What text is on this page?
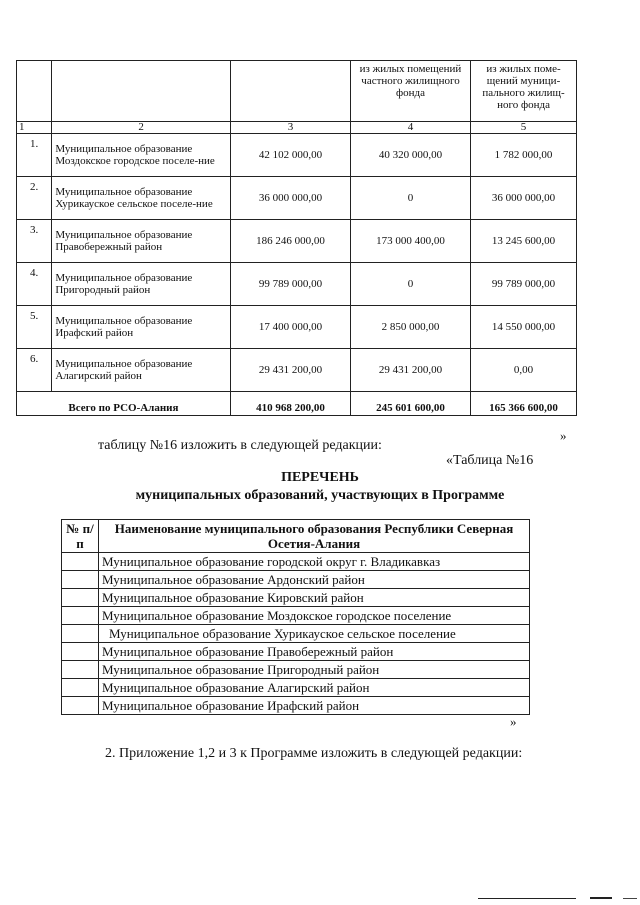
			из жилых помещений частного жилищного фонда	из жилых поме-щений муници-пального жилищ-ного фонда
1	2	3	4	5
1.	Муниципальное образование Моздокское городское поселе-ние	42 102 000,00	40 320 000,00	1 782 000,00
2.	Муниципальное образование Хурикауское сельское поселе-ние	36 000 000,00	0	36 000 000,00
3.	Муниципальное образование Правобережный район	186 246 000,00	173 000 400,00	13 245 600,00
4.	Муниципальное образование Пригородный район	99 789 000,00	0	99 789 000,00
5.	Муниципальное образование Ирафский район	17 400 000,00	2 850 000,00	14 550 000,00
6.	Муниципальное образование Алагирский район	29 431 200,00	29 431 200,00	0,00
Всего по РСО-Алания		410 968 200,00	245 601 600,00	165 366 600,00
»
таблицу №16 изложить в следующей редакции:
«Таблица №16
ПЕРЕЧЕНЬ
муниципальных образований, участвующих в Программе
№ п/п	Наименование муниципального образования Республики Северная Осетия-Алания
	Муниципальное образование городской округ г. Владикавказ
	Муниципальное образование Ардонский район
	Муниципальное образование Кировский район
	Муниципальное образование Моздокское городское поселение
	Муниципальное образование Хурикауское сельское поселение
	Муниципальное образование Правобережный район
	Муниципальное образование Пригородный район
	Муниципальное образование Алагирский район
	Муниципальное образование Ирафский район
»
2. Приложение 1,2 и 3 к Программе изложить в следующей редакции:
